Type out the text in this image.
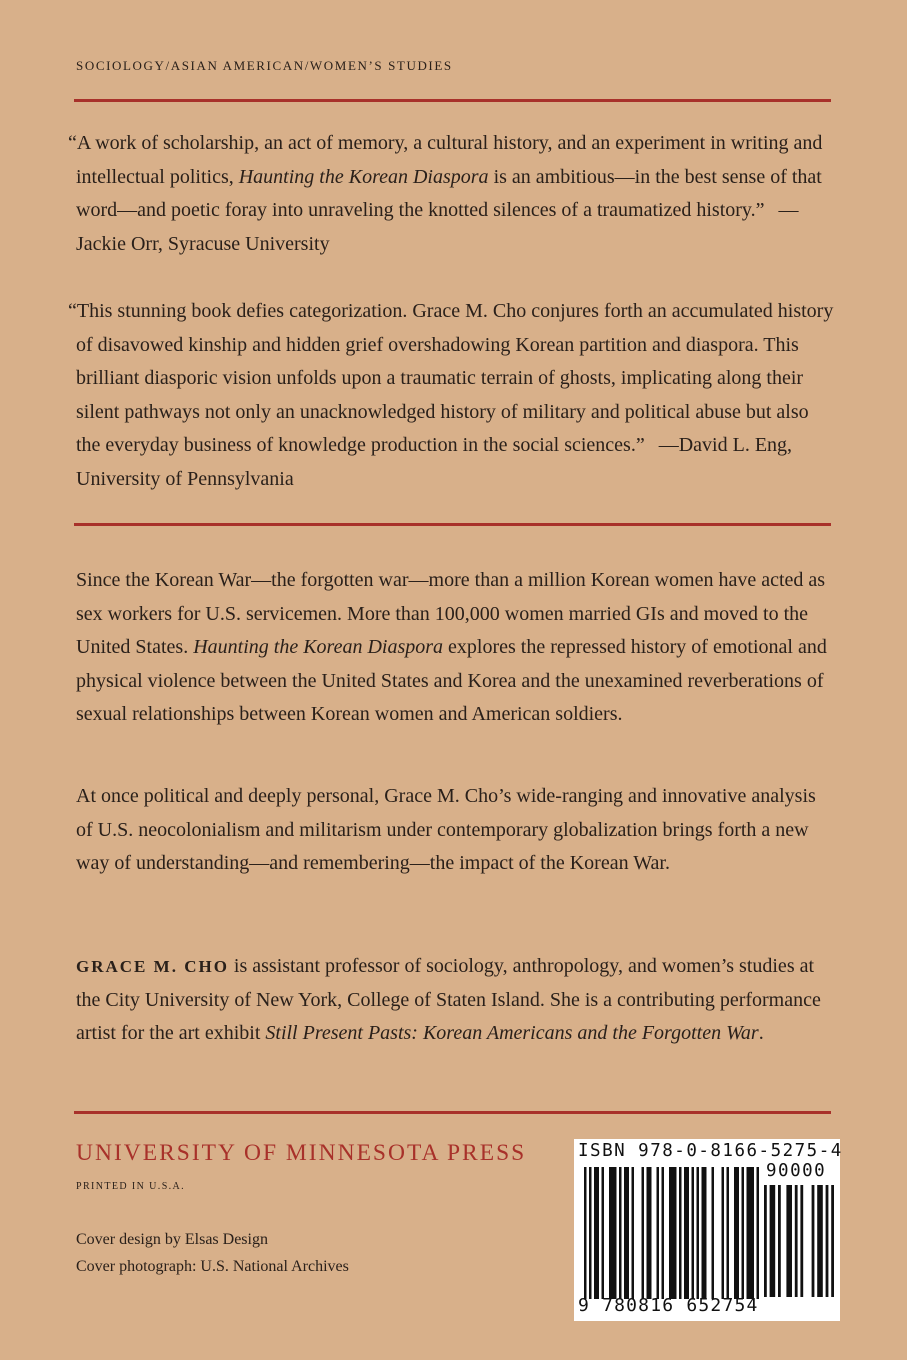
SOCIOLOGY/ASIAN AMERICAN/WOMEN’S STUDIES

“A work of scholarship, an act of memory, a cultural history, and an experiment in writing and intellectual politics, Haunting the Korean Diaspora is an ambitious—in the best sense of that word—and poetic foray into unraveling the knotted silences of a traumatized history.” —Jackie Orr, Syracuse University

“This stunning book defies categorization. Grace M. Cho conjures forth an accumulated history of disavowed kinship and hidden grief overshadowing Korean partition and diaspora. This brilliant diasporic vision unfolds upon a traumatic terrain of ghosts, implicating along their silent pathways not only an unacknowledged history of military and political abuse but also the everyday business of knowledge production in the social sciences.” —David L. Eng, University of Pennsylvania

Since the Korean War—the forgotten war—more than a million Korean women have acted as sex workers for U.S. servicemen. More than 100,000 women married GIs and moved to the United States. Haunting the Korean Diaspora explores the repressed history of emotional and physical violence between the United States and Korea and the unexamined reverberations of sexual relationships between Korean women and American soldiers.

At once political and deeply personal, Grace M. Cho’s wide-ranging and innovative analysis of U.S. neocolonialism and militarism under contemporary globalization brings forth a new way of understanding—and remembering—the impact of the Korean War.

GRACE M. CHO is assistant professor of sociology, anthropology, and women’s studies at the City University of New York, College of Staten Island. She is a contributing performance artist for the art exhibit Still Present Pasts: Korean Americans and the Forgotten War.

UNIVERSITY OF MINNESOTA PRESS
PRINTED IN U.S.A.
Cover design by Elsas Design
Cover photograph: U.S. National Archives
ISBN 978-0-8166-5275-4
90000
9 780816 652754
